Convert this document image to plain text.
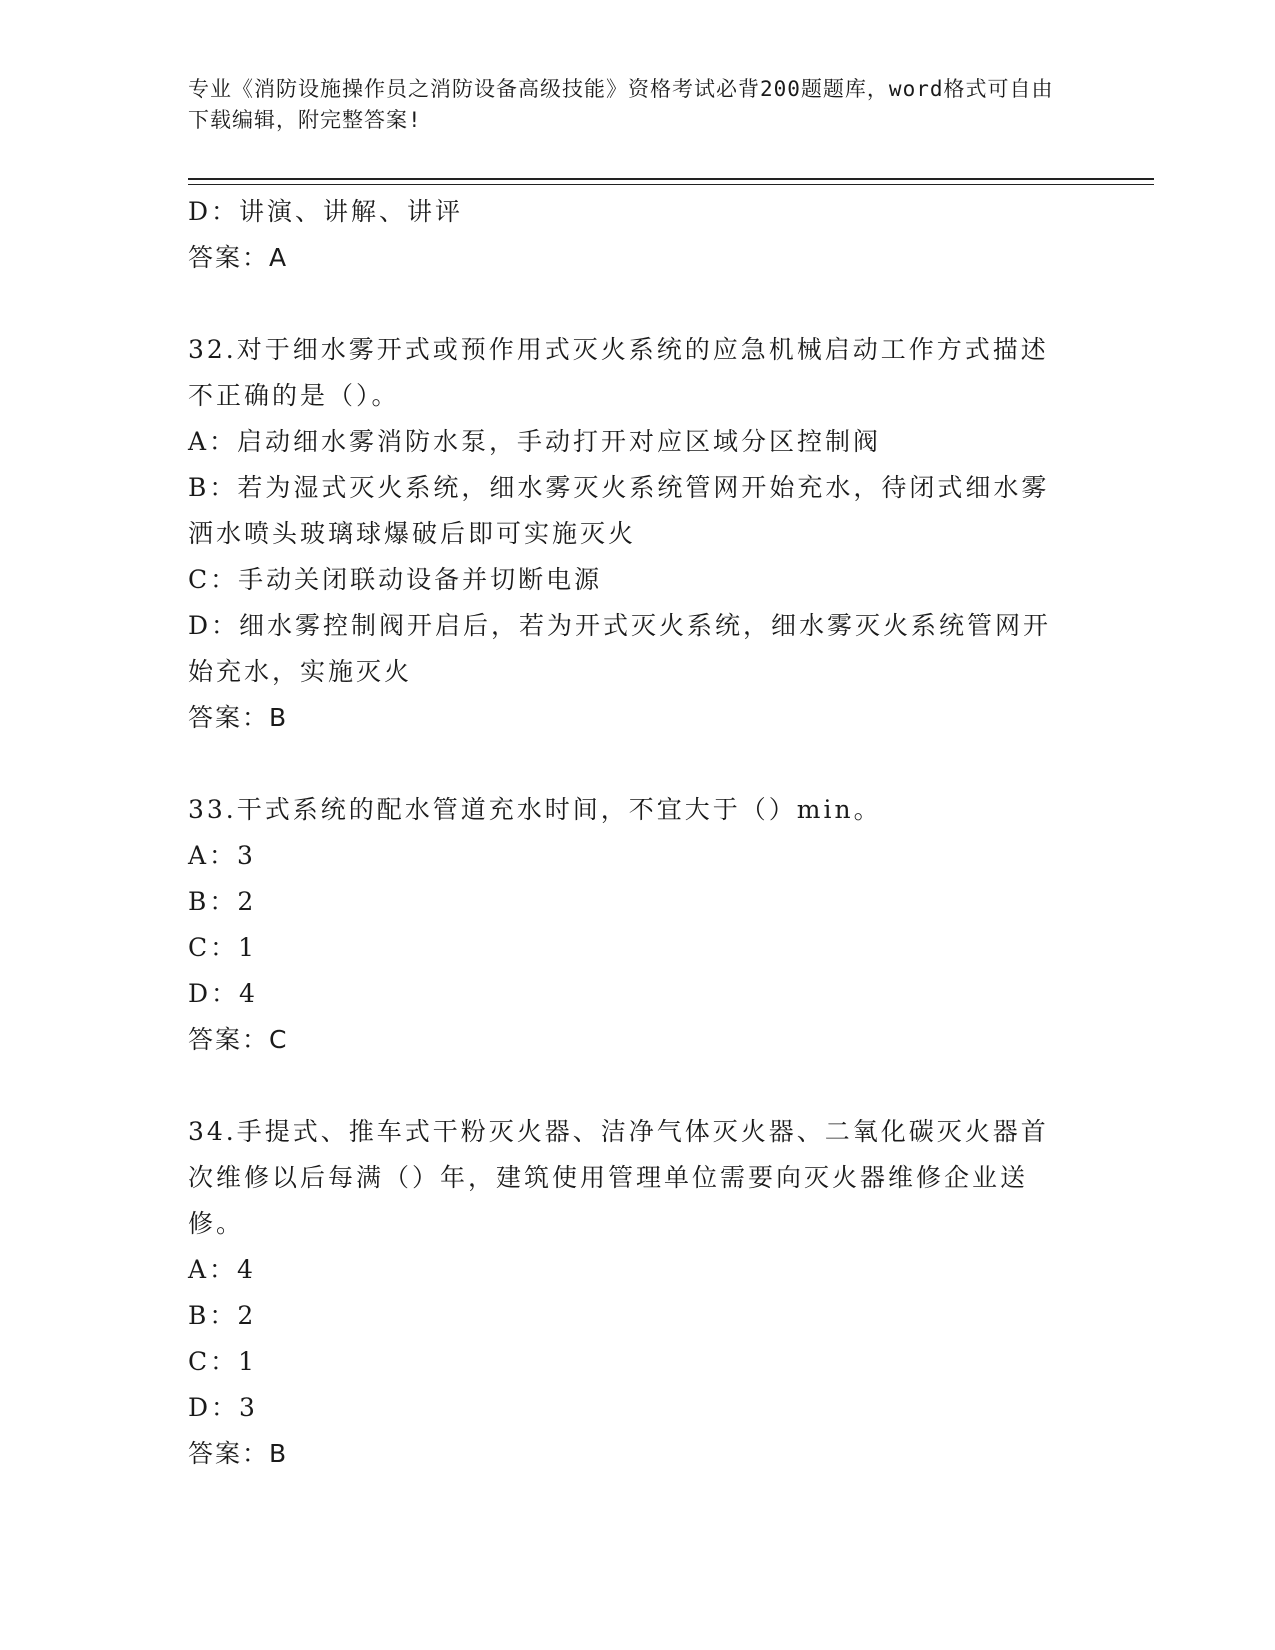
专业《消防设施操作员之消防设备高级技能》资格考试必背200题题库，word格式可自由下载编辑，附完整答案!
D：讲演、讲解、讲评
答案：A
32.对于细水雾开式或预作用式灭火系统的应急机械启动工作方式描述
不正确的是（）。
A：启动细水雾消防水泵，手动打开对应区域分区控制阀
B：若为湿式灭火系统，细水雾灭火系统管网开始充水，待闭式细水雾
洒水喷头玻璃球爆破后即可实施灭火
C：手动关闭联动设备并切断电源
D：细水雾控制阀开启后，若为开式灭火系统，细水雾灭火系统管网开
始充水，实施灭火
答案：B
33.干式系统的配水管道充水时间，不宜大于（）min。
A：3
B：2
C：1
D：4
答案：C
34.手提式、推车式干粉灭火器、洁净气体灭火器、二氧化碳灭火器首
次维修以后每满（）年，建筑使用管理单位需要向灭火器维修企业送
修。
A：4
B：2
C：1
D：3
答案：B
